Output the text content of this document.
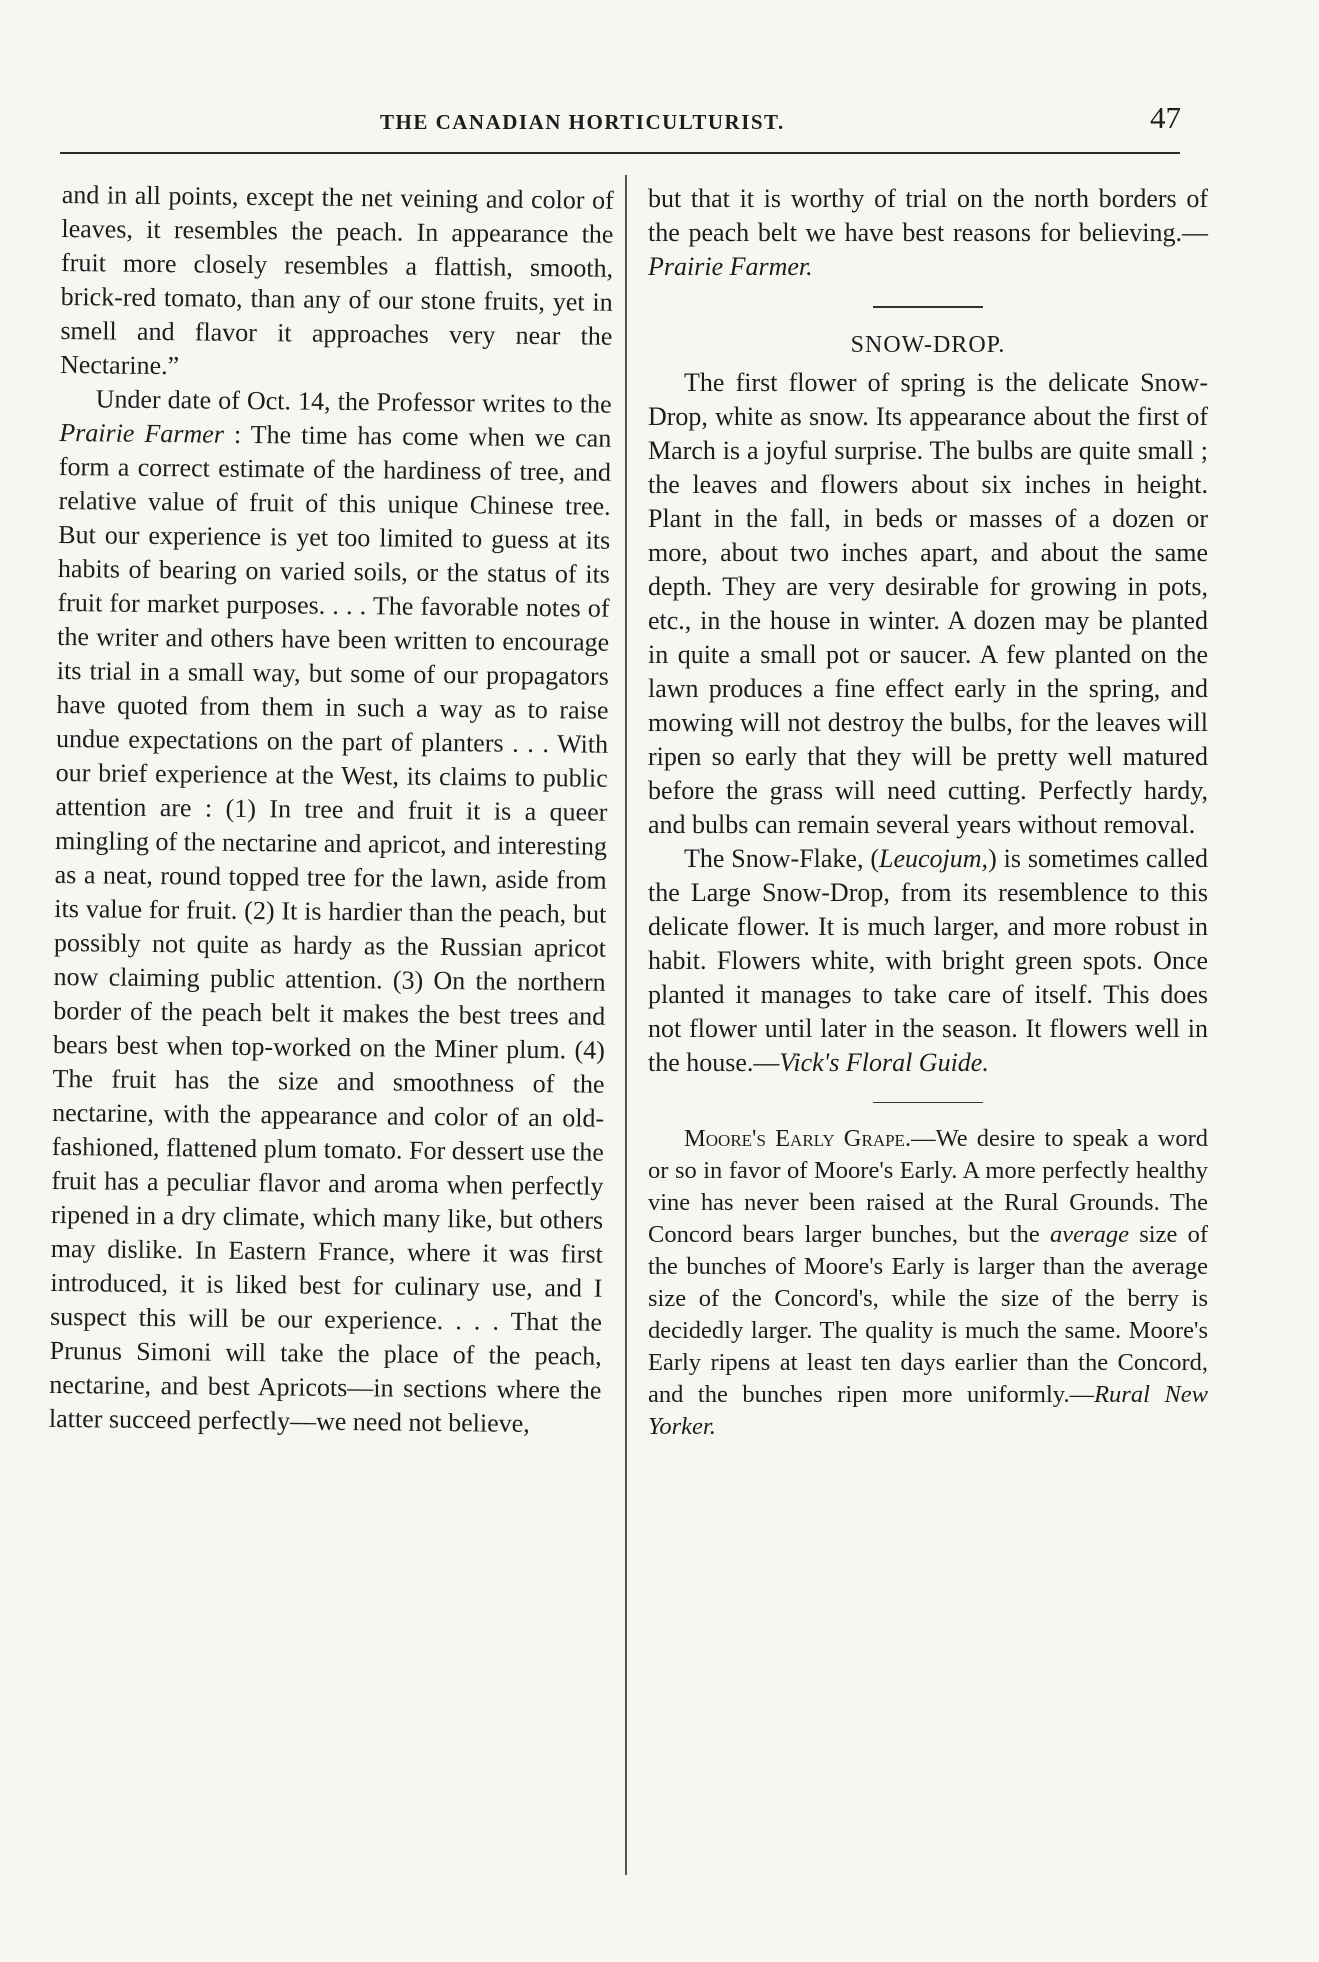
THE CANADIAN HORTICULTURIST.	47

and in all points, except the net veining and color of leaves, it resembles the peach. In appearance the fruit more closely resembles a flattish, smooth, brick-red tomato, than any of our stone fruits, yet in smell and flavor it approaches very near the Nectarine.”

Under date of Oct. 14, the Professor writes to the Prairie Farmer : The time has come when we can form a correct estimate of the hardiness of tree, and relative value of fruit of this unique Chinese tree. But our experience is yet too limited to guess at its habits of bearing on varied soils, or the status of its fruit for market purposes. . . . The favorable notes of the writer and others have been written to encourage its trial in a small way, but some of our propagators have quoted from them in such a way as to raise undue expectations on the part of planters . . . With our brief experience at the West, its claims to public attention are : (1) In tree and fruit it is a queer mingling of the nectarine and apricot, and interesting as a neat, round topped tree for the lawn, aside from its value for fruit. (2) It is hardier than the peach, but possibly not quite as hardy as the Russian apricot now claiming public attention. (3) On the northern border of the peach belt it makes the best trees and bears best when top-worked on the Miner plum. (4) The fruit has the size and smoothness of the nectarine, with the appearance and color of an old-fashioned, flattened plum tomato. For dessert use the fruit has a peculiar flavor and aroma when perfectly ripened in a dry climate, which many like, but others may dislike. In Eastern France, where it was first introduced, it is liked best for culinary use, and I suspect this will be our experience. . . . That the Prunus Simoni will take the place of the peach, nectarine, and best Apricots—in sections where the latter succeed perfectly—we need not believe,

but that it is worthy of trial on the north borders of the peach belt we have best reasons for believing.—Prairie Farmer.

SNOW-DROP.

The first flower of spring is the delicate Snow-Drop, white as snow. Its appearance about the first of March is a joyful surprise. The bulbs are quite small ; the leaves and flowers about six inches in height. Plant in the fall, in beds or masses of a dozen or more, about two inches apart, and about the same depth. They are very desirable for growing in pots, etc., in the house in winter. A dozen may be planted in quite a small pot or saucer. A few planted on the lawn produces a fine effect early in the spring, and mowing will not destroy the bulbs, for the leaves will ripen so early that they will be pretty well matured before the grass will need cutting. Perfectly hardy, and bulbs can remain several years without removal.

The Snow-Flake, (Leucojum,) is sometimes called the Large Snow-Drop, from its resemblence to this delicate flower. It is much larger, and more robust in habit. Flowers white, with bright green spots. Once planted it manages to take care of itself. This does not flower until later in the season. It flowers well in the house.—Vick's Floral Guide.

Moore's Early Grape.—We desire to speak a word or so in favor of Moore's Early. A more perfectly healthy vine has never been raised at the Rural Grounds. The Concord bears larger bunches, but the average size of the bunches of Moore's Early is larger than the average size of the Concord's, while the size of the berry is decidedly larger. The quality is much the same. Moore's Early ripens at least ten days earlier than the Concord, and the bunches ripen more uniformly.—Rural New Yorker.
